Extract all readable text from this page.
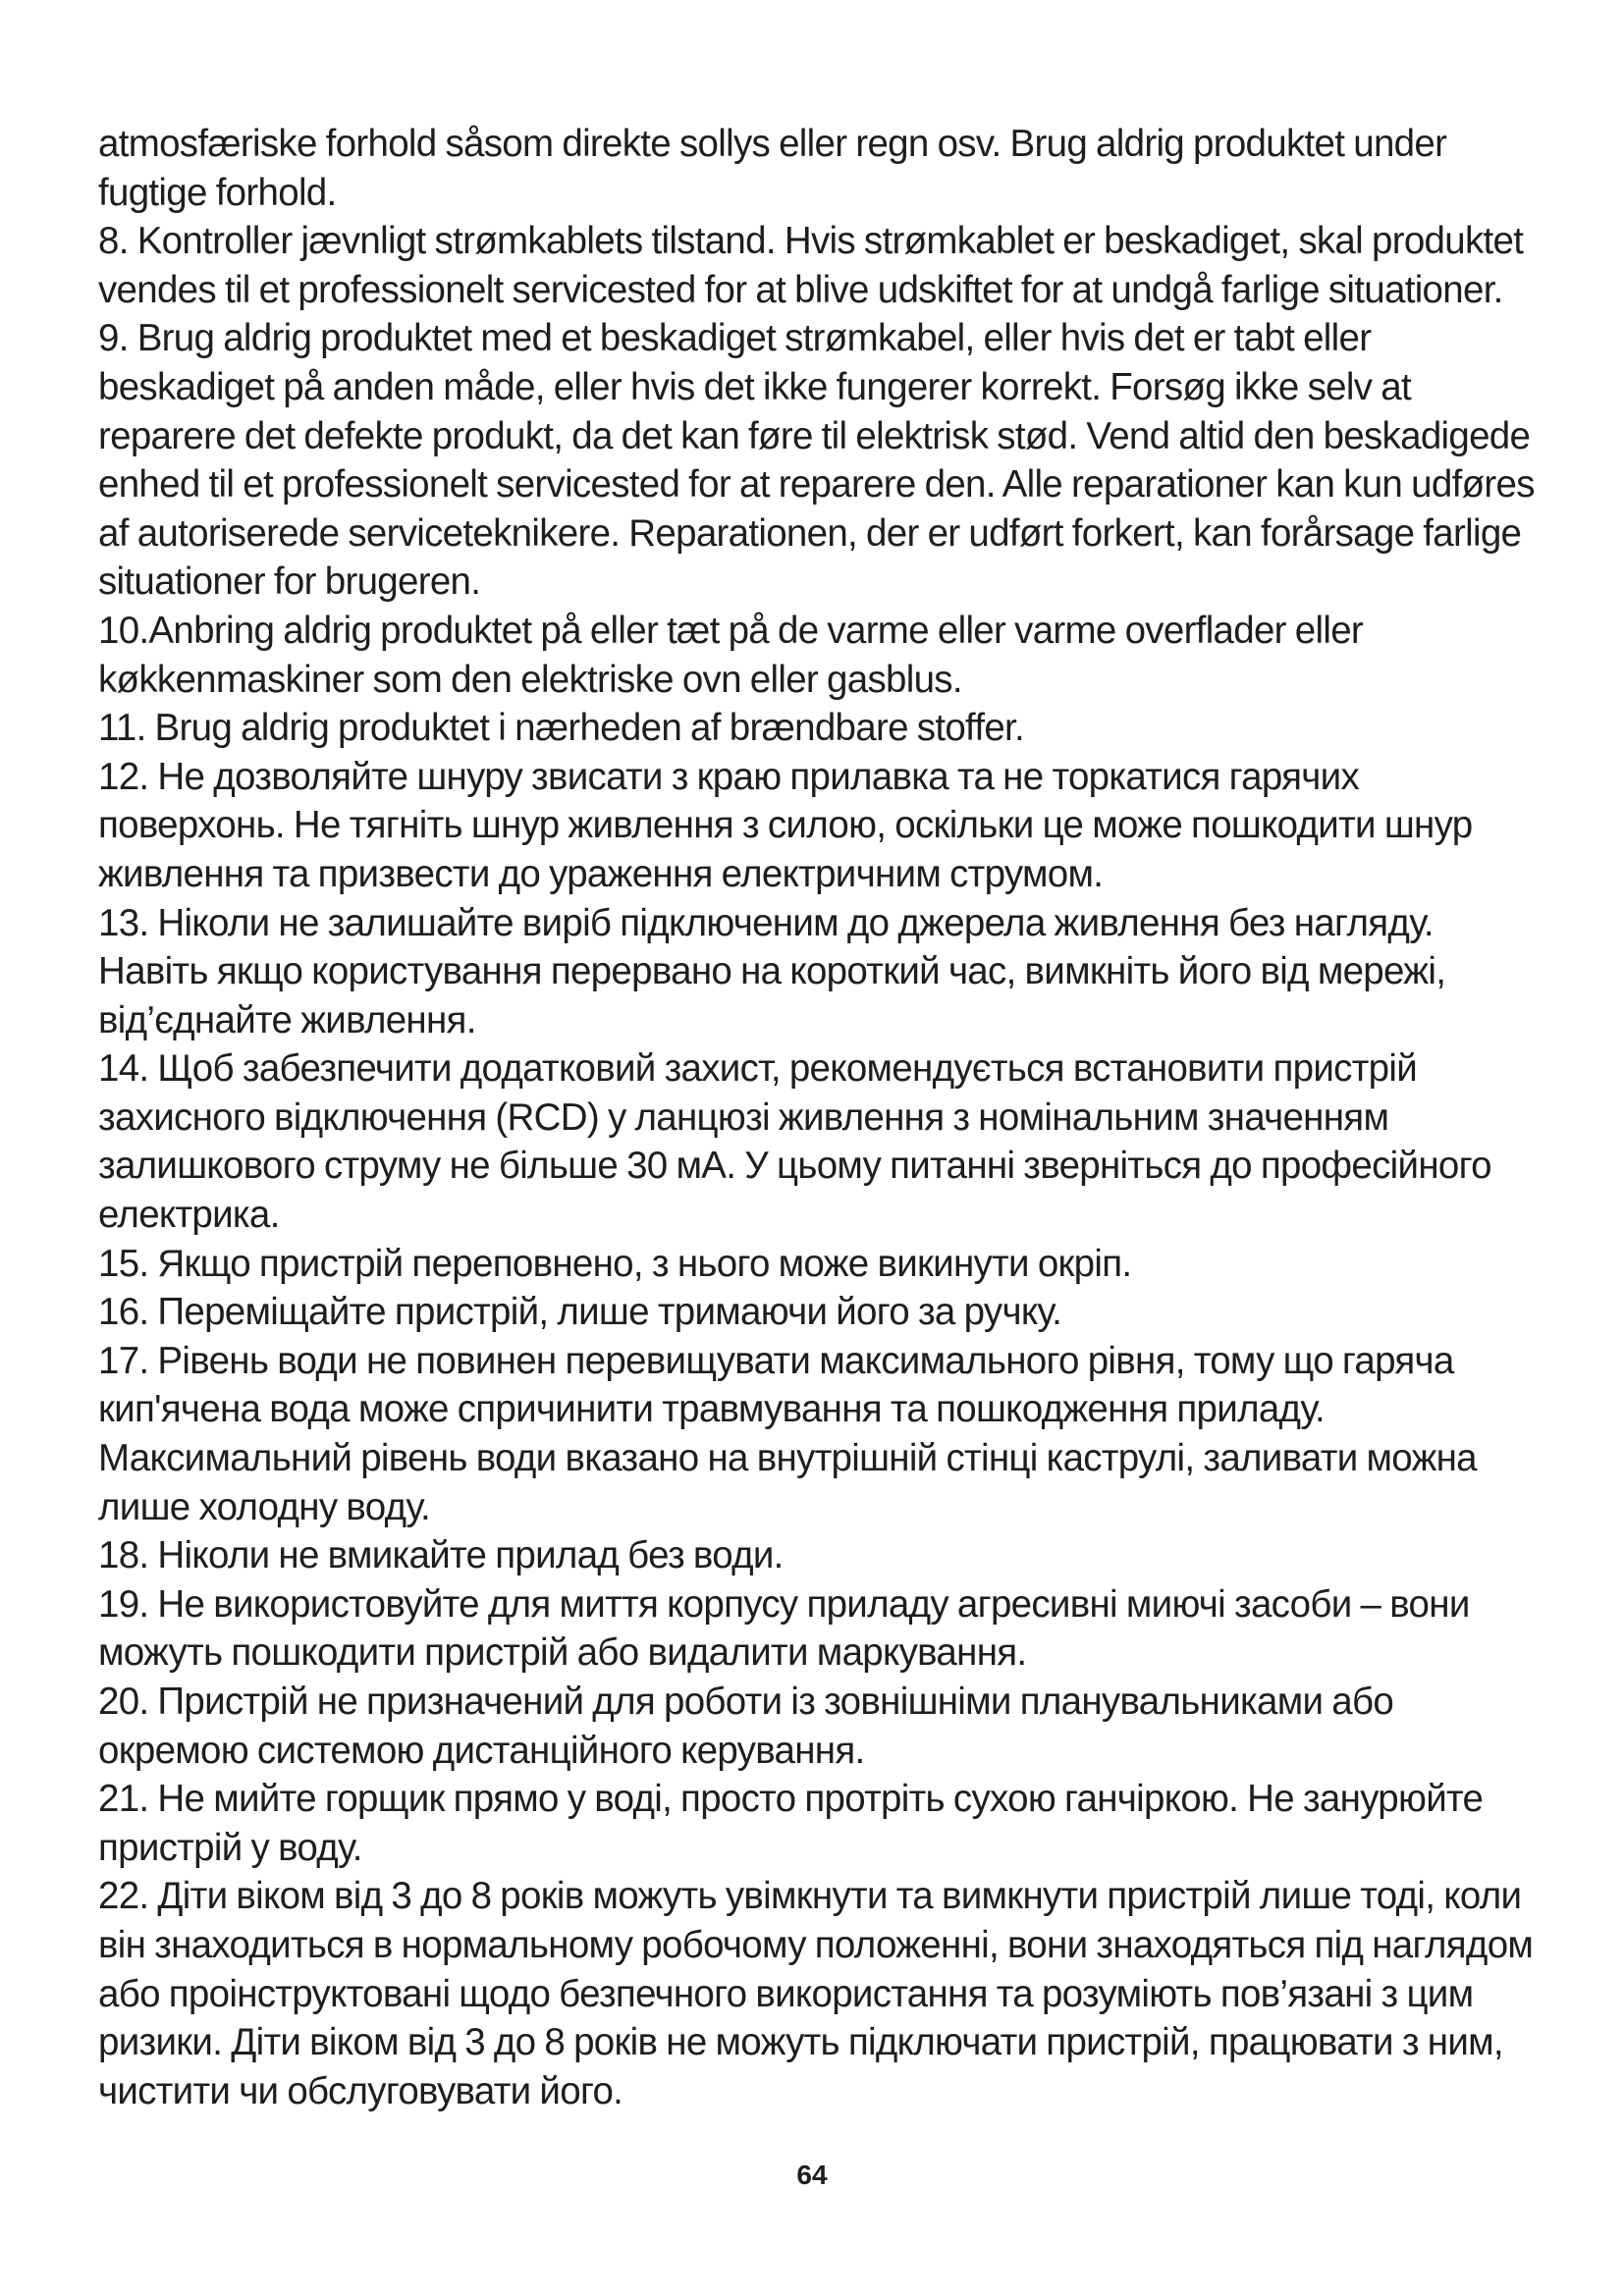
atmosfæriske forhold såsom direkte sollys eller regn osv. Brug aldrig produktet under fugtige forhold.

8. Kontroller jævnligt strømkablets tilstand. Hvis strømkablet er beskadiget, skal produktet vendes til et professionelt servicested for at blive udskiftet for at undgå farlige situationer.

9. Brug aldrig produktet med et beskadiget strømkabel, eller hvis det er tabt eller beskadiget på anden måde, eller hvis det ikke fungerer korrekt. Forsøg ikke selv at reparere det defekte produkt, da det kan føre til elektrisk stød. Vend altid den beskadigede enhed til et professionelt servicested for at reparere den. Alle reparationer kan kun udføres af autoriserede serviceteknikere. Reparationen, der er udført forkert, kan forårsage farlige situationer for brugeren.

10.Anbring aldrig produktet på eller tæt på de varme eller varme overflader eller køkkenmaskiner som den elektriske ovn eller gasblus.

11. Brug aldrig produktet i nærheden af brændbare stoffer.

12. Не дозволяйте шнуру звисати з краю прилавка та не торкатися гарячих поверхонь. Не тягніть шнур живлення з силою, оскільки це може пошкодити шнур живлення та призвести до ураження електричним струмом.

13. Ніколи не залишайте виріб підключеним до джерела живлення без нагляду. Навіть якщо користування перервано на короткий час, вимкніть його від мережі, від’єднайте живлення.

14. Щоб забезпечити додатковий захист, рекомендується встановити пристрій захисного відключення (RCD) у ланцюзі живлення з номінальним значенням залишкового струму не більше 30 мА. У цьому питанні зверніться до професійного електрика.

15. Якщо пристрій переповнено, з нього може викинути окріп.

16. Переміщайте пристрій, лише тримаючи його за ручку.

17. Рівень води не повинен перевищувати максимального рівня, тому що гаряча кип'ячена вода може спричинити травмування та пошкодження приладу. Максимальний рівень води вказано на внутрішній стінці каструлі, заливати можна лише холодну воду.

18. Ніколи не вмикайте прилад без води.

19. Не використовуйте для миття корпусу приладу агресивні миючі засоби – вони можуть пошкодити пристрій або видалити маркування.

20. Пристрій не призначений для роботи із зовнішніми планувальниками або окремою системою дистанційного керування.

21. Не мийте горщик прямо у воді, просто протріть сухою ганчіркою. Не занурюйте пристрій у воду.

22. Діти віком від 3 до 8 років можуть увімкнути та вимкнути пристрій лише тоді, коли він знаходиться в нормальному робочому положенні, вони знаходяться під наглядом або проінструктовані щодо безпечного використання та розуміють пов’язані з цим ризики. Діти віком від 3 до 8 років не можуть підключати пристрій, працювати з ним, чистити чи обслуговувати його.

64
